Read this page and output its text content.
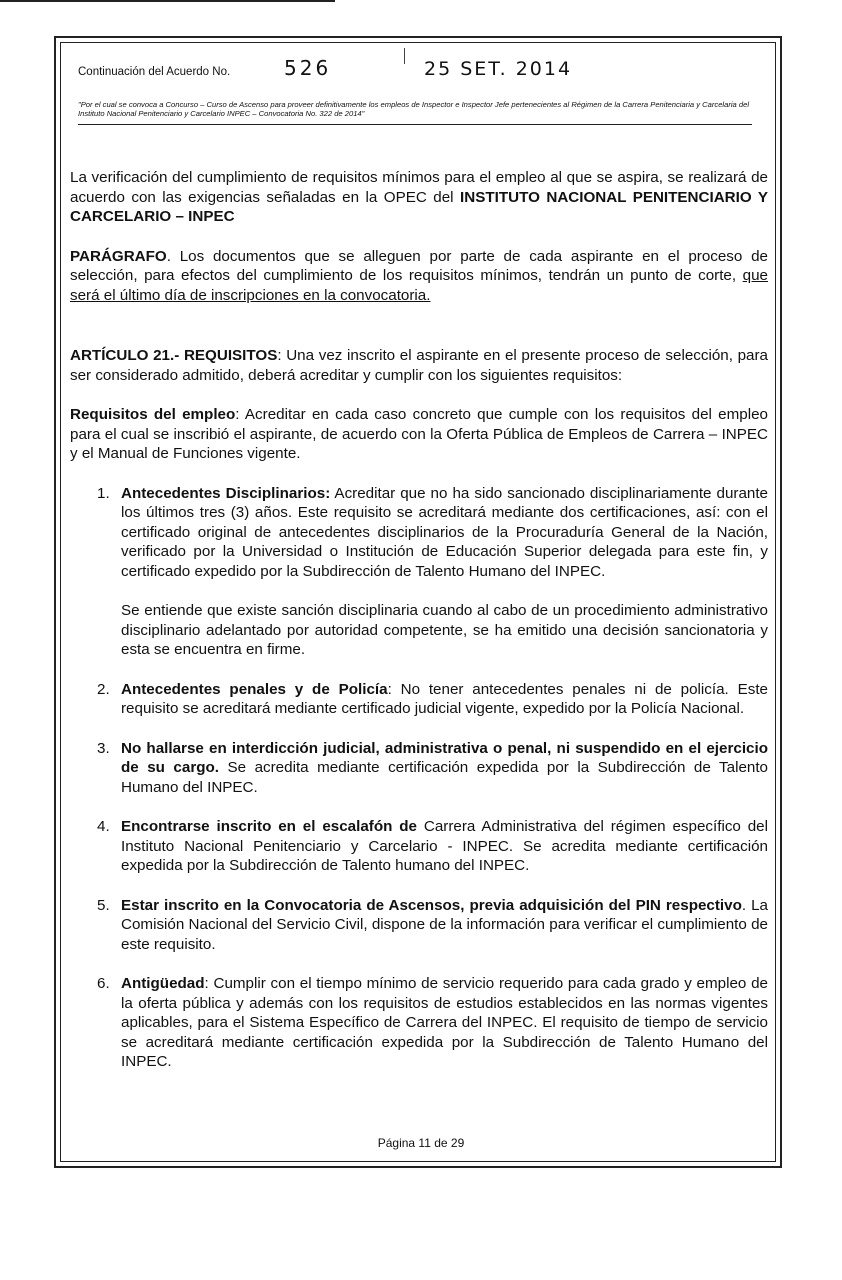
Continuación del Acuerdo No.	526	25 SET. 2014
"Por el cual se convoca a Concurso – Curso de Ascenso para proveer definitivamente los empleos de Inspector e Inspector Jefe pertenecientes al Régimen de la Carrera Penitenciaria y Carcelaria del Instituto Nacional Penitenciario y Carcelario INPEC – Convocatoria No. 322 de 2014"

La verificación del cumplimiento de requisitos mínimos para el empleo al que se aspira, se realizará de acuerdo con las exigencias señaladas en la OPEC del INSTITUTO NACIONAL PENITENCIARIO Y CARCELARIO – INPEC

PARÁGRAFO. Los documentos que se alleguen por parte de cada aspirante en el proceso de selección, para efectos del cumplimiento de los requisitos mínimos, tendrán un punto de corte, que será el último día de inscripciones en la convocatoria.

ARTÍCULO 21.- REQUISITOS: Una vez inscrito el aspirante en el presente proceso de selección, para ser considerado admitido, deberá acreditar y cumplir con los siguientes requisitos:

Requisitos del empleo: Acreditar en cada caso concreto que cumple con los requisitos del empleo para el cual se inscribió el aspirante, de acuerdo con la Oferta Pública de Empleos de Carrera – INPEC y el Manual de Funciones vigente.

1. Antecedentes Disciplinarios: Acreditar que no ha sido sancionado disciplinariamente durante los últimos tres (3) años. Este requisito se acreditará mediante dos certificaciones, así: con el certificado original de antecedentes disciplinarios de la Procuraduría General de la Nación, verificado por la Universidad o Institución de Educación Superior delegada para este fin, y certificado expedido por la Subdirección de Talento Humano del INPEC.

Se entiende que existe sanción disciplinaria cuando al cabo de un procedimiento administrativo disciplinario adelantado por autoridad competente, se ha emitido una decisión sancionatoria y esta se encuentra en firme.

2. Antecedentes penales y de Policía: No tener antecedentes penales ni de policía. Este requisito se acreditará mediante certificado judicial vigente, expedido por la Policía Nacional.

3. No hallarse en interdicción judicial, administrativa o penal, ni suspendido en el ejercicio de su cargo. Se acredita mediante certificación expedida por la Subdirección de Talento Humano del INPEC.

4. Encontrarse inscrito en el escalafón de Carrera Administrativa del régimen específico del Instituto Nacional Penitenciario y Carcelario - INPEC. Se acredita mediante certificación expedida por la Subdirección de Talento humano del INPEC.

5. Estar inscrito en la Convocatoria de Ascensos, previa adquisición del PIN respectivo. La Comisión Nacional del Servicio Civil, dispone de la información para verificar el cumplimiento de este requisito.

6. Antigüedad: Cumplir con el tiempo mínimo de servicio requerido para cada grado y empleo de la oferta pública y además con los requisitos de estudios establecidos en las normas vigentes aplicables, para el Sistema Específico de Carrera del INPEC. El requisito de tiempo de servicio se acreditará mediante certificación expedida por la Subdirección de Talento Humano del INPEC.

Página 11 de 29
